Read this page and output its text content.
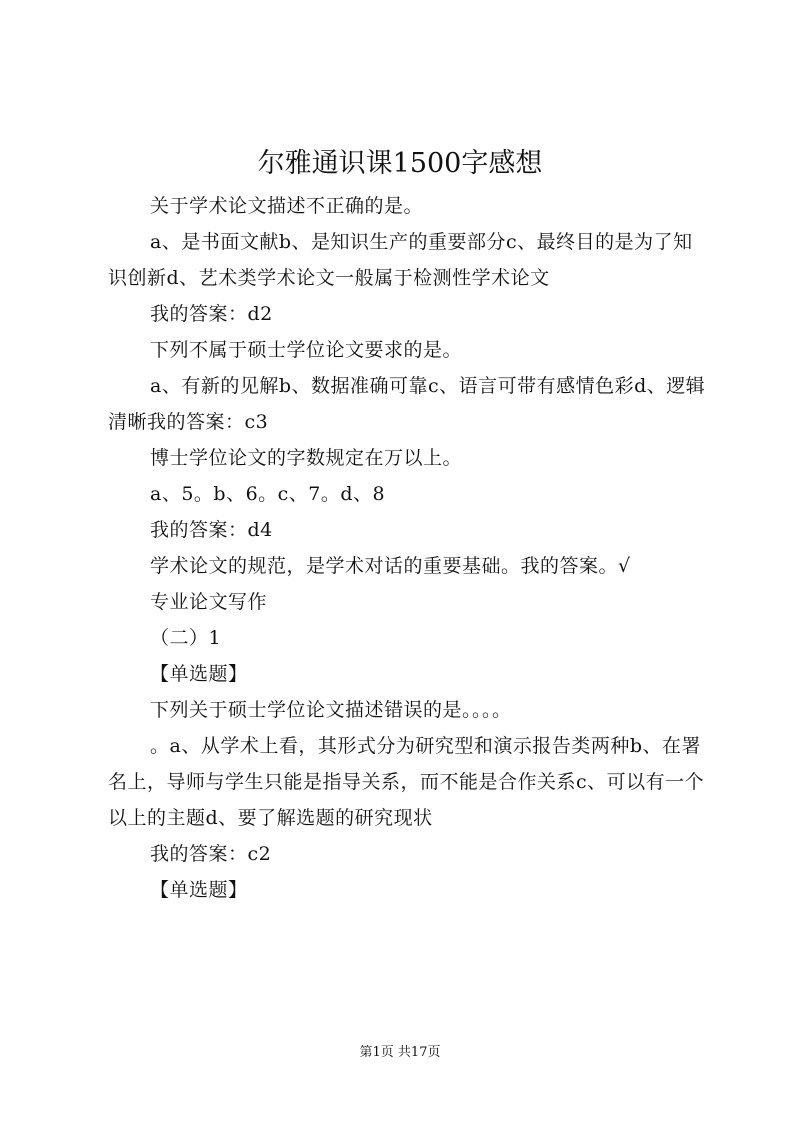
尔雅通识课1500字感想

关于学术论文描述不正确的是。

a、是书面文献b、是知识生产的重要部分c、最终目的是为了知识创新d、艺术类学术论文一般属于检测性学术论文

我的答案：d2

下列不属于硕士学位论文要求的是。

a、有新的见解b、数据准确可靠c、语言可带有感情色彩d、逻辑清晰我的答案：c3

博士学位论文的字数规定在万以上。

a、5。b、6。c、7。d、8

我的答案：d4

学术论文的规范，是学术对话的重要基础。我的答案。√

专业论文写作

（二）1

【单选题】

下列关于硕士学位论文描述错误的是。。。。

。a、从学术上看，其形式分为研究型和演示报告类两种b、在署名上，导师与学生只能是指导关系，而不能是合作关系c、可以有一个以上的主题d、要了解选题的研究现状

我的答案：c2

【单选题】

第1页 共17页
